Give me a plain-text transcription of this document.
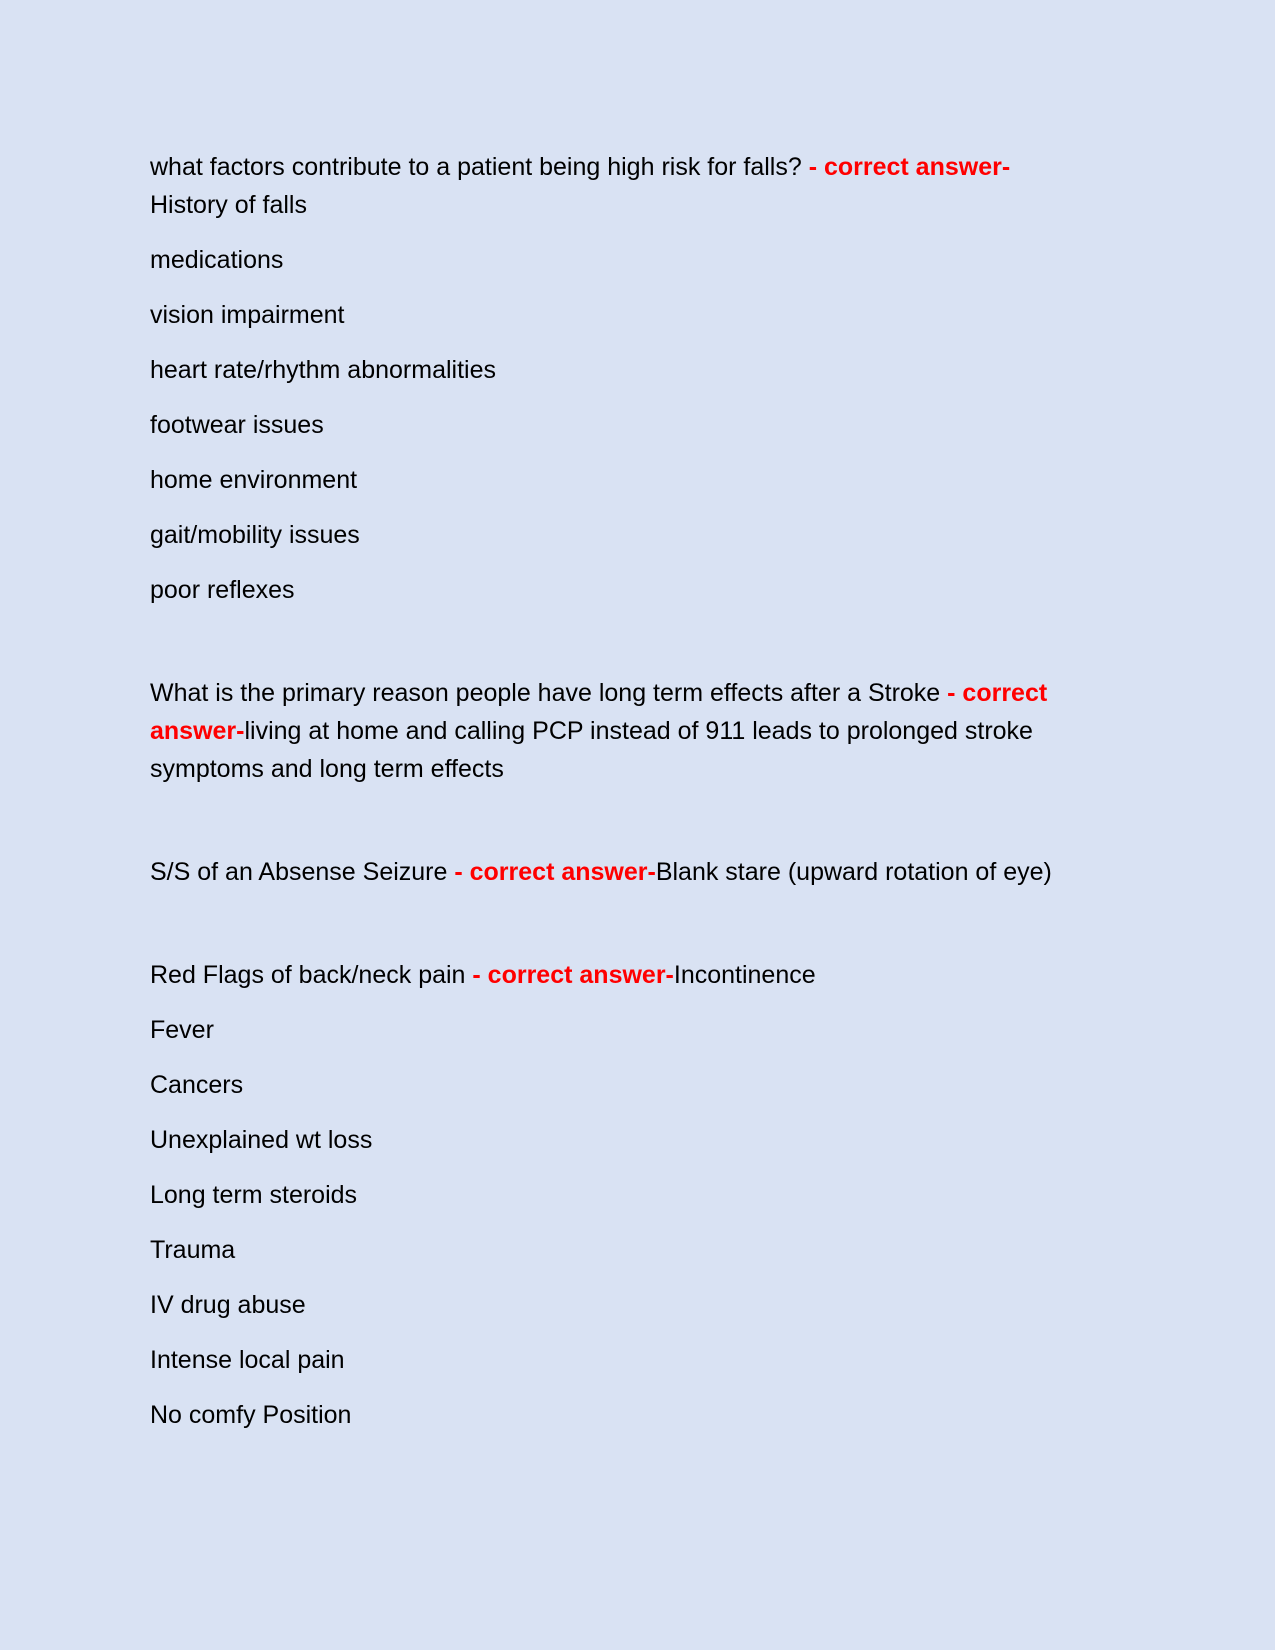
what factors contribute to a patient being high risk for falls? - correct answer-
History of falls
medications
vision impairment
heart rate/rhythm abnormalities
footwear issues
home environment
gait/mobility issues
poor reflexes
What is the primary reason people have long term effects after a Stroke - correct answer-living at home and calling PCP instead of 911 leads to prolonged stroke symptoms and long term effects
S/S of an Absense Seizure - correct answer-Blank stare (upward rotation of eye)
Red Flags of back/neck pain - correct answer-Incontinence
Fever
Cancers
Unexplained wt loss
Long term steroids
Trauma
IV drug abuse
Intense local pain
No comfy Position
